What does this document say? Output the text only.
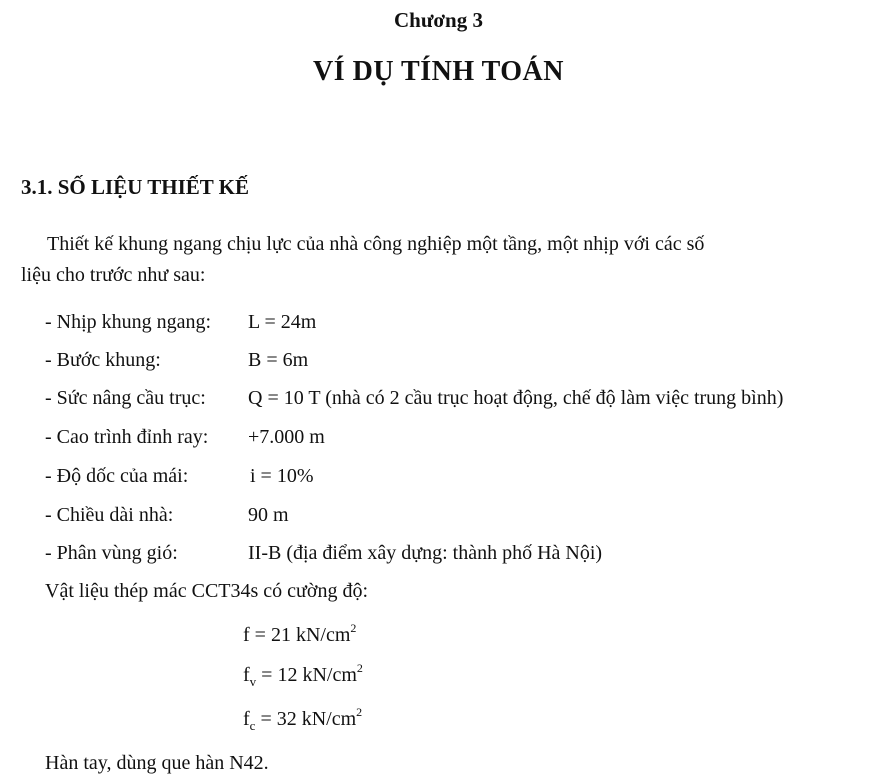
Chương 3
VÍ DỤ TÍNH TOÁN
3.1. SỐ LIỆU THIẾT KẾ
Thiết kế khung ngang chịu lực của nhà công nghiệp một tầng, một nhịp với các số
liệu cho trước như sau:
- Nhịp khung ngang: L = 24m
- Bước khung:	B = 6m
- Sức nâng cầu trục: Q = 10 T (nhà có 2 cầu trục hoạt động, chế độ làm việc trung bình)
- Cao trình đỉnh ray: +7.000 m
- Độ dốc của mái:	i = 10%
- Chiều dài nhà:	90 m
- Phân vùng gió:	II-B (địa điểm xây dựng: thành phố Hà Nội)
Vật liệu thép mác CCT34s có cường độ:
f = 21 $kN/cm^2$
$f_v = 12$ $kN/cm^2$
$f_c = 32$ $kN/cm^2$
Hàn tay, dùng que hàn N42.
